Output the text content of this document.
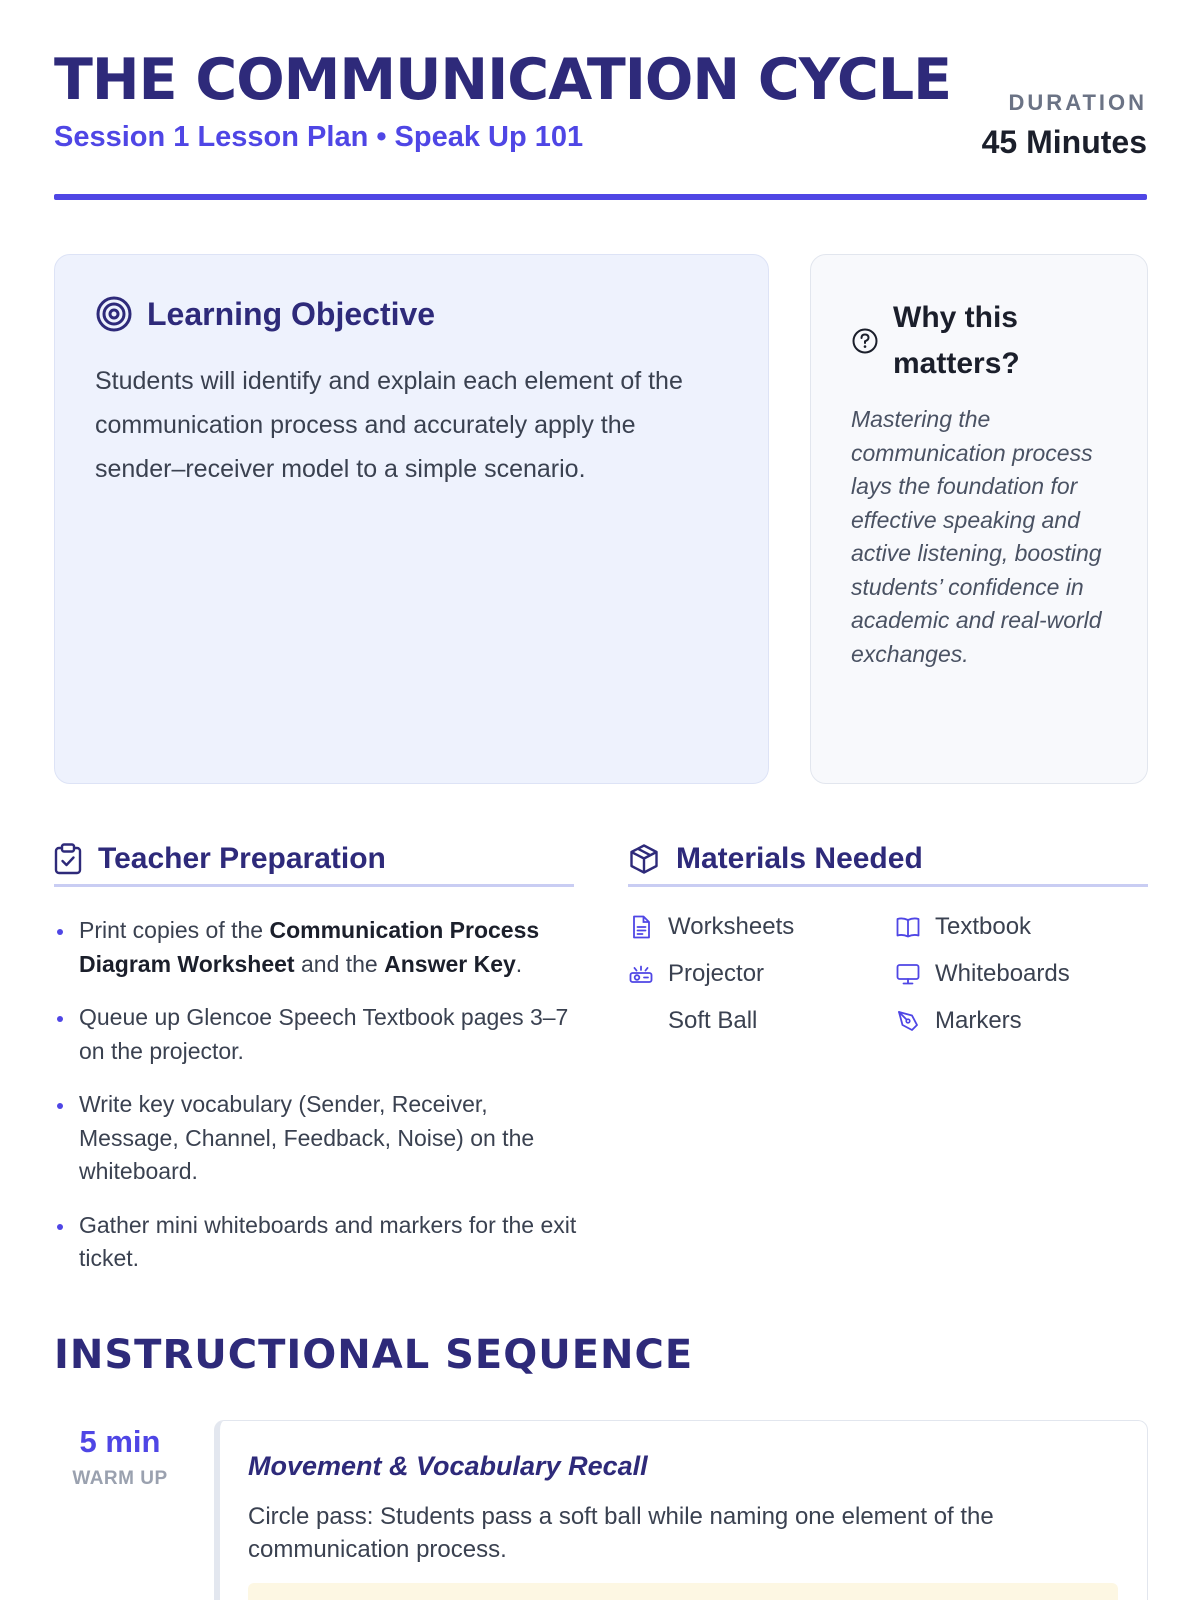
THE COMMUNICATION CYCLE
Session 1 Lesson Plan • Speak Up 101
DURATION
45 Minutes
Learning Objective

Students will identify and explain each element of the communication process and accurately apply the sender–receiver model to a simple scenario.

Why this matters?

Mastering the communication process lays the foundation for effective speaking and active listening, boosting students’ confidence in academic and real-world exchanges.

Teacher Preparation
Print copies of the Communication Process Diagram Worksheet and the Answer Key.
Queue up Glencoe Speech Textbook pages 3–7 on the projector.
Write key vocabulary (Sender, Receiver, Message, Channel, Feedback, Noise) on the whiteboard.
Gather mini whiteboards and markers for the exit ticket.
Materials Needed
Worksheets	Textbook
Projector	Whiteboards
Soft Ball	Markers
INSTRUCTIONAL SEQUENCE
5 min
WARM UP	Movement & Vocabulary Recall
Circle pass: Students pass a soft ball while naming one element of the communication process.
